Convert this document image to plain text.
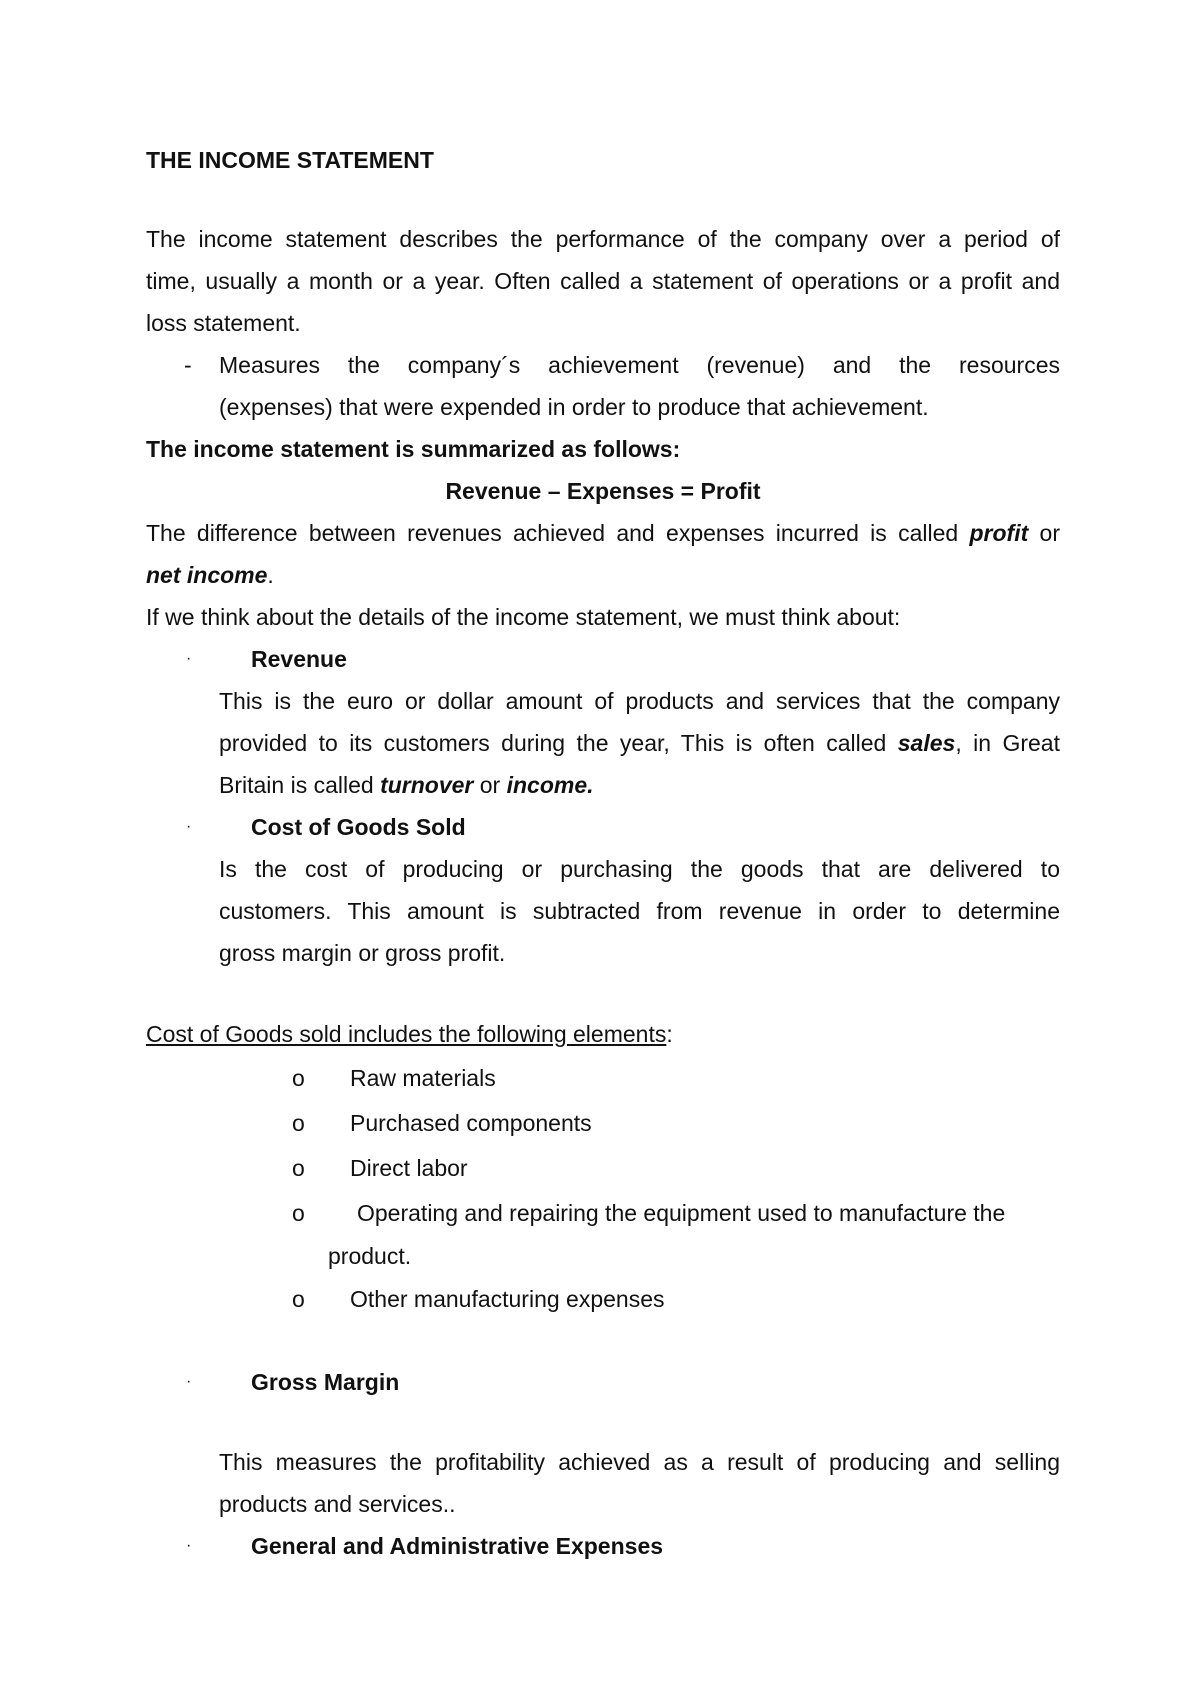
THE INCOME STATEMENT
The income statement describes the performance of the company over a period of
time, usually a month or a year. Often called a statement of operations or a profit and
loss statement.
- Measures the company´s achievement (revenue) and the resources
(expenses) that were expended in order to produce that achievement.
The income statement is summarized as follows:
Revenue – Expenses = Profit
The difference between revenues achieved and expenses incurred is called profit or
net income.
If we think about the details of the income statement, we must think about:
·	Revenue
This is the euro or dollar amount of products and services that the company
provided to its customers during the year, This is often called sales, in Great
Britain is called turnover or income.
·	Cost of Goods Sold
Is the cost of producing or purchasing the goods that are delivered to
customers. This amount is subtracted from revenue in order to determine
gross margin or gross profit.
Cost of Goods sold includes the following elements:
o Raw materials
o Purchased components
o Direct labor
o Operating and repairing the equipment used to manufacture the
product.
o Other manufacturing expenses
·	Gross Margin
This measures the profitability achieved as a result of producing and selling
products and services..
·	General and Administrative Expenses
